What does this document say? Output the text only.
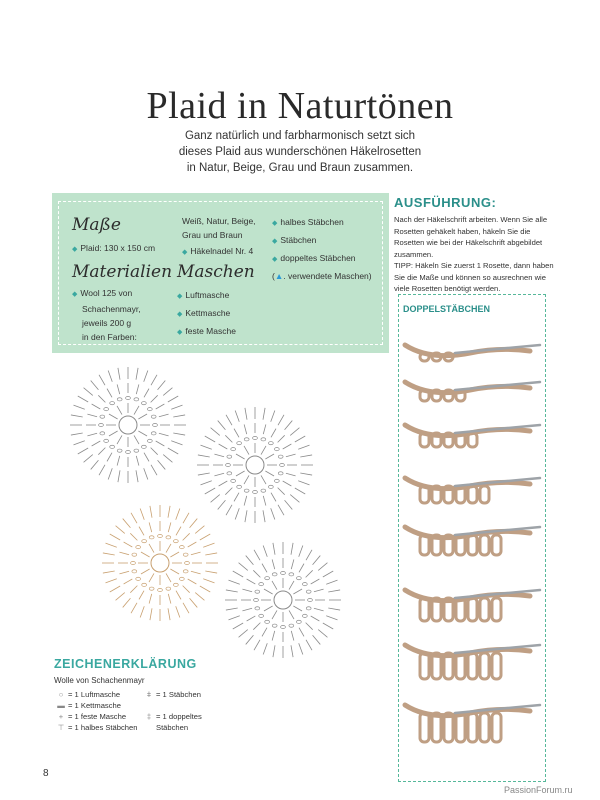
Plaid in Naturtönen
Ganz natürlich und farbharmonisch setzt sich
dieses Plaid aus wunderschönen Häkelrosetten
in Natur, Beige, Grau und Braun zusammen.
Maße
◆ Plaid: 130 x 150 cm
Materialien
◆ Wool 125 von
Schachenmayr,
jeweils 200 g
in den Farben:
Weiß, Natur, Beige,
Grau und Braun
◆ Häkelnadel Nr. 4
Maschen
◆ Luftmasche
◆ Kettmasche
◆ feste Masche
◆ halbes Stäbchen
◆ Stäbchen
◆ doppeltes Stäbchen
(▲. verwendete Maschen)
AUSFÜHRUNG:
Nach der Häkelschrift arbeiten. Wenn Sie alle
Rosetten gehäkelt haben, häkeln Sie die
Rosetten wie bei der Häkelschrift abgebildet
zusammen.
TIPP: Häkeln Sie zuerst 1 Rosette, dann haben
Sie die Maße und können so ausrechnen wie
viele Rosetten benötigt werden.
DOPPELSTÄBCHEN
ZEICHENERKLÄRUNG
Wolle von Schachenmayr
○ = 1 Luftmasche
▬ = 1 Kettmasche
+ = 1 feste Masche
⊤ = 1 halbes Stäbchen
ǂ = 1 Stäbchen
‡ = 1 doppeltes
Stäbchen
8
PassionForum.ru
